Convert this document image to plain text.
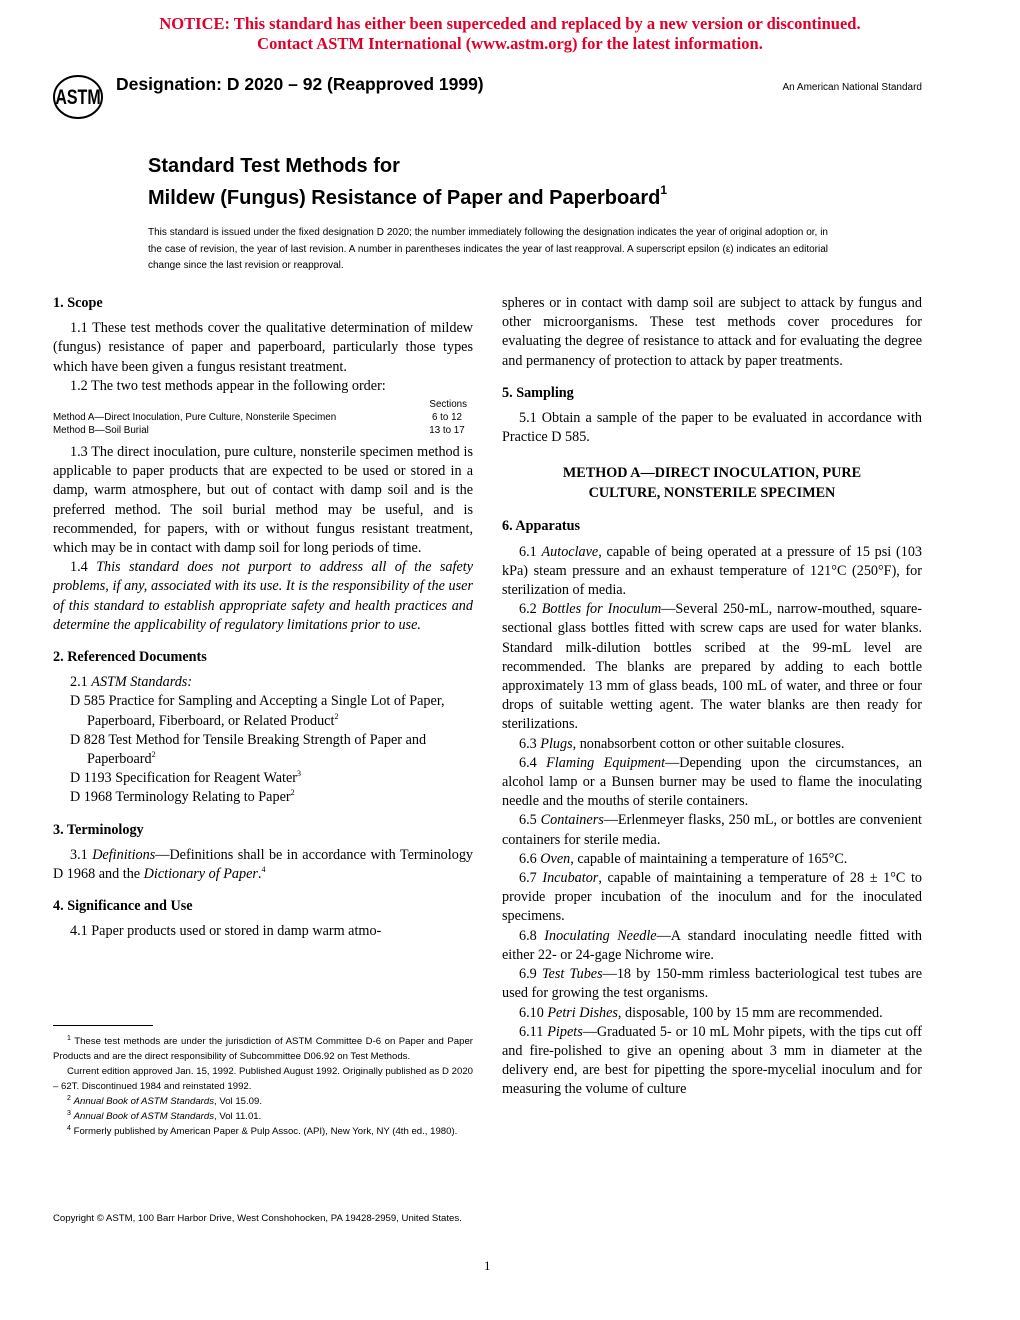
NOTICE: This standard has either been superceded and replaced by a new version or discontinued.
Contact ASTM International (www.astm.org) for the latest information.
ASTM
Designation: D 2020 – 92 (Reapproved 1999)	An American National Standard
Standard Test Methods for
Mildew (Fungus) Resistance of Paper and Paperboard$^1$
This standard is issued under the fixed designation D 2020; the number immediately following the designation indicates the year of original adoption or, in the case of revision, the year of last revision. A number in parentheses indicates the year of last reapproval. A superscript epsilon (ε) indicates an editorial change since the last revision or reapproval.
1. Scope

1.1 These test methods cover the qualitative determination of mildew (fungus) resistance of paper and paperboard, particularly those types which have been given a fungus resistant treatment.

1.2 The two test methods appear in the following order:

Sections
Method A—Direct Inoculation, Pure Culture, Nonsterile Specimen	6 to 12
Method B—Soil Burial	13 to 17

1.3 The direct inoculation, pure culture, nonsterile specimen method is applicable to paper products that are expected to be used or stored in a damp, warm atmosphere, but out of contact with damp soil and is the preferred method. The soil burial method may be useful, and is recommended, for papers, with or without fungus resistant treatment, which may be in contact with damp soil for long periods of time.

1.4 This standard does not purport to address all of the safety problems, if any, associated with its use. It is the responsibility of the user of this standard to establish appropriate safety and health practices and determine the applicability of regulatory limitations prior to use.

2. Referenced Documents

2.1 ASTM Standards:

D 585 Practice for Sampling and Accepting a Single Lot of Paper, Paperboard, Fiberboard, or Related Product$^2$

D 828 Test Method for Tensile Breaking Strength of Paper and Paperboard$^2$

D 1193 Specification for Reagent Water$^3$

D 1968 Terminology Relating to Paper$^2$

3. Terminology

3.1 Definitions—Definitions shall be in accordance with Terminology D 1968 and the Dictionary of Paper.$^4$

4. Significance and Use

4.1 Paper products used or stored in damp warm atmo-

$^1$ These test methods are under the jurisdiction of ASTM Committee D-6 on Paper and Paper Products and are the direct responsibility of Subcommittee D06.92 on Test Methods.
Current edition approved Jan. 15, 1992. Published August 1992. Originally published as D 2020 – 62T. Discontinued 1984 and reinstated 1992.
$^2$ Annual Book of ASTM Standards, Vol 15.09.
$^3$ Annual Book of ASTM Standards, Vol 11.01.
$^4$ Formerly published by American Paper & Pulp Assoc. (API), New York, NY (4th ed., 1980).

spheres or in contact with damp soil are subject to attack by fungus and other microorganisms. These test methods cover procedures for evaluating the degree of resistance to attack and for evaluating the degree and permanency of protection to attack by paper treatments.

5. Sampling

5.1 Obtain a sample of the paper to be evaluated in accordance with Practice D 585.

METHOD A—DIRECT INOCULATION, PURE
CULTURE, NONSTERILE SPECIMEN
6. Apparatus

6.1 Autoclave, capable of being operated at a pressure of 15 psi (103 kPa) steam pressure and an exhaust temperature of 121°C (250°F), for sterilization of media.

6.2 Bottles for Inoculum—Several 250-mL, narrow-mouthed, square-sectional glass bottles fitted with screw caps are used for water blanks. Standard milk-dilution bottles scribed at the 99-mL level are recommended. The blanks are prepared by adding to each bottle approximately 13 mm of glass beads, 100 mL of water, and three or four drops of suitable wetting agent. The water blanks are then ready for sterilizations.

6.3 Plugs, nonabsorbent cotton or other suitable closures.

6.4 Flaming Equipment—Depending upon the circumstances, an alcohol lamp or a Bunsen burner may be used to flame the inoculating needle and the mouths of sterile containers.

6.5 Containers—Erlenmeyer flasks, 250 mL, or bottles are convenient containers for sterile media.

6.6 Oven, capable of maintaining a temperature of 165°C.

6.7 Incubator, capable of maintaining a temperature of 28 ± 1°C to provide proper incubation of the inoculum and for the inoculated specimens.

6.8 Inoculating Needle—A standard inoculating needle fitted with either 22- or 24-gage Nichrome wire.

6.9 Test Tubes—18 by 150-mm rimless bacteriological test tubes are used for growing the test organisms.

6.10 Petri Dishes, disposable, 100 by 15 mm are recommended.

6.11 Pipets—Graduated 5- or 10 mL Mohr pipets, with the tips cut off and fire-polished to give an opening about 3 mm in diameter at the delivery end, are best for pipetting the spore-mycelial inoculum and for measuring the volume of culture

Copyright © ASTM, 100 Barr Harbor Drive, West Conshohocken, PA 19428-2959, United States.
1
